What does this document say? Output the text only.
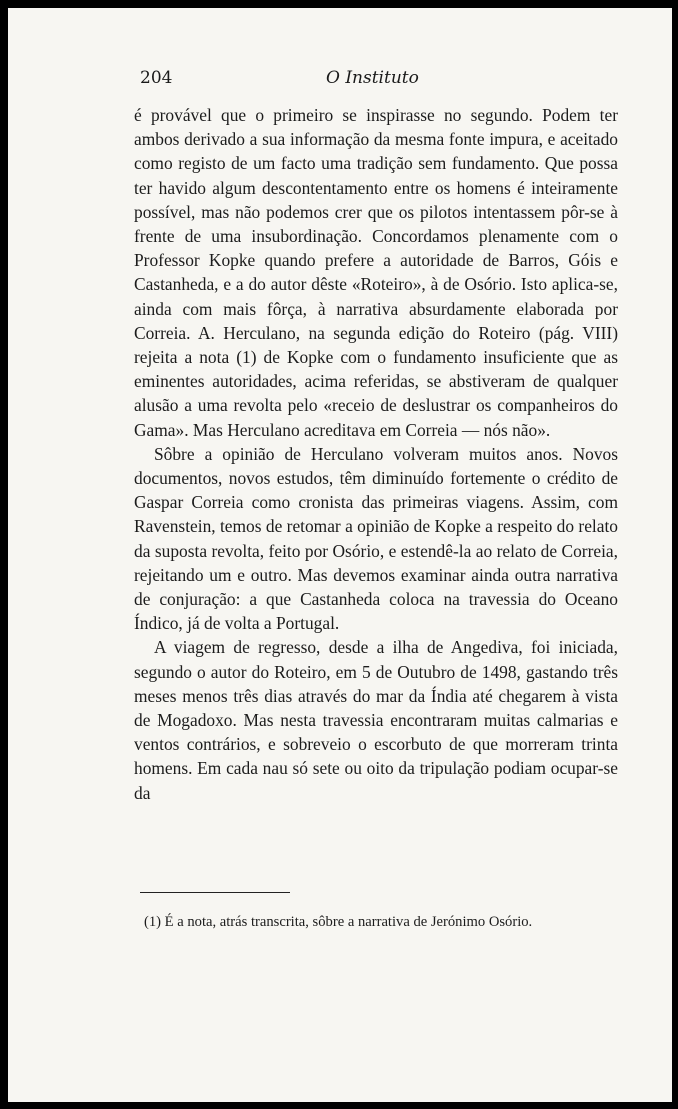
204	O Instituto

é provável que o primeiro se inspirasse no segundo. Podem ter ambos derivado a sua informação da mesma fonte impura, e aceitado como registo de um facto uma tradição sem fundamento. Que possa ter havido algum descontentamento entre os homens é inteiramente possível, mas não podemos crer que os pilotos intentassem pôr-se à frente de uma insubordinação. Concordamos plenamente com o Professor Kopke quando prefere a autoridade de Barros, Góis e Castanheda, e a do autor dêste «Roteiro», à de Osório. Isto aplica-se, ainda com mais fôrça, à narrativa absurdamente elaborada por Correia. A. Herculano, na segunda edição do Roteiro (pág. VIII) rejeita a nota (1) de Kopke com o fundamento insuficiente que as eminentes autoridades, acima referidas, se abstiveram de qualquer alusão a uma revolta pelo «receio de deslustrar os companheiros do Gama». Mas Herculano acreditava em Correia — nós não».

Sôbre a opinião de Herculano volveram muitos anos. Novos documentos, novos estudos, têm diminuído fortemente o crédito de Gaspar Correia como cronista das primeiras viagens. Assim, com Ravenstein, temos de retomar a opinião de Kopke a respeito do relato da suposta revolta, feito por Osório, e estendê-la ao relato de Correia, rejeitando um e outro. Mas devemos examinar ainda outra narrativa de conjuração: a que Castanheda coloca na travessia do Oceano Índico, já de volta a Portugal.

A viagem de regresso, desde a ilha de Angediva, foi iniciada, segundo o autor do Roteiro, em 5 de Outubro de 1498, gastando três meses menos três dias através do mar da Índia até chegarem à vista de Mogadoxo. Mas nesta travessia encontraram muitas calmarias e ventos contrários, e sobreveio o escorbuto de que morreram trinta homens. Em cada nau só sete ou oito da tripulação podiam ocupar-se da

(1) É a nota, atrás transcrita, sôbre a narrativa de Jerónimo Osório.
